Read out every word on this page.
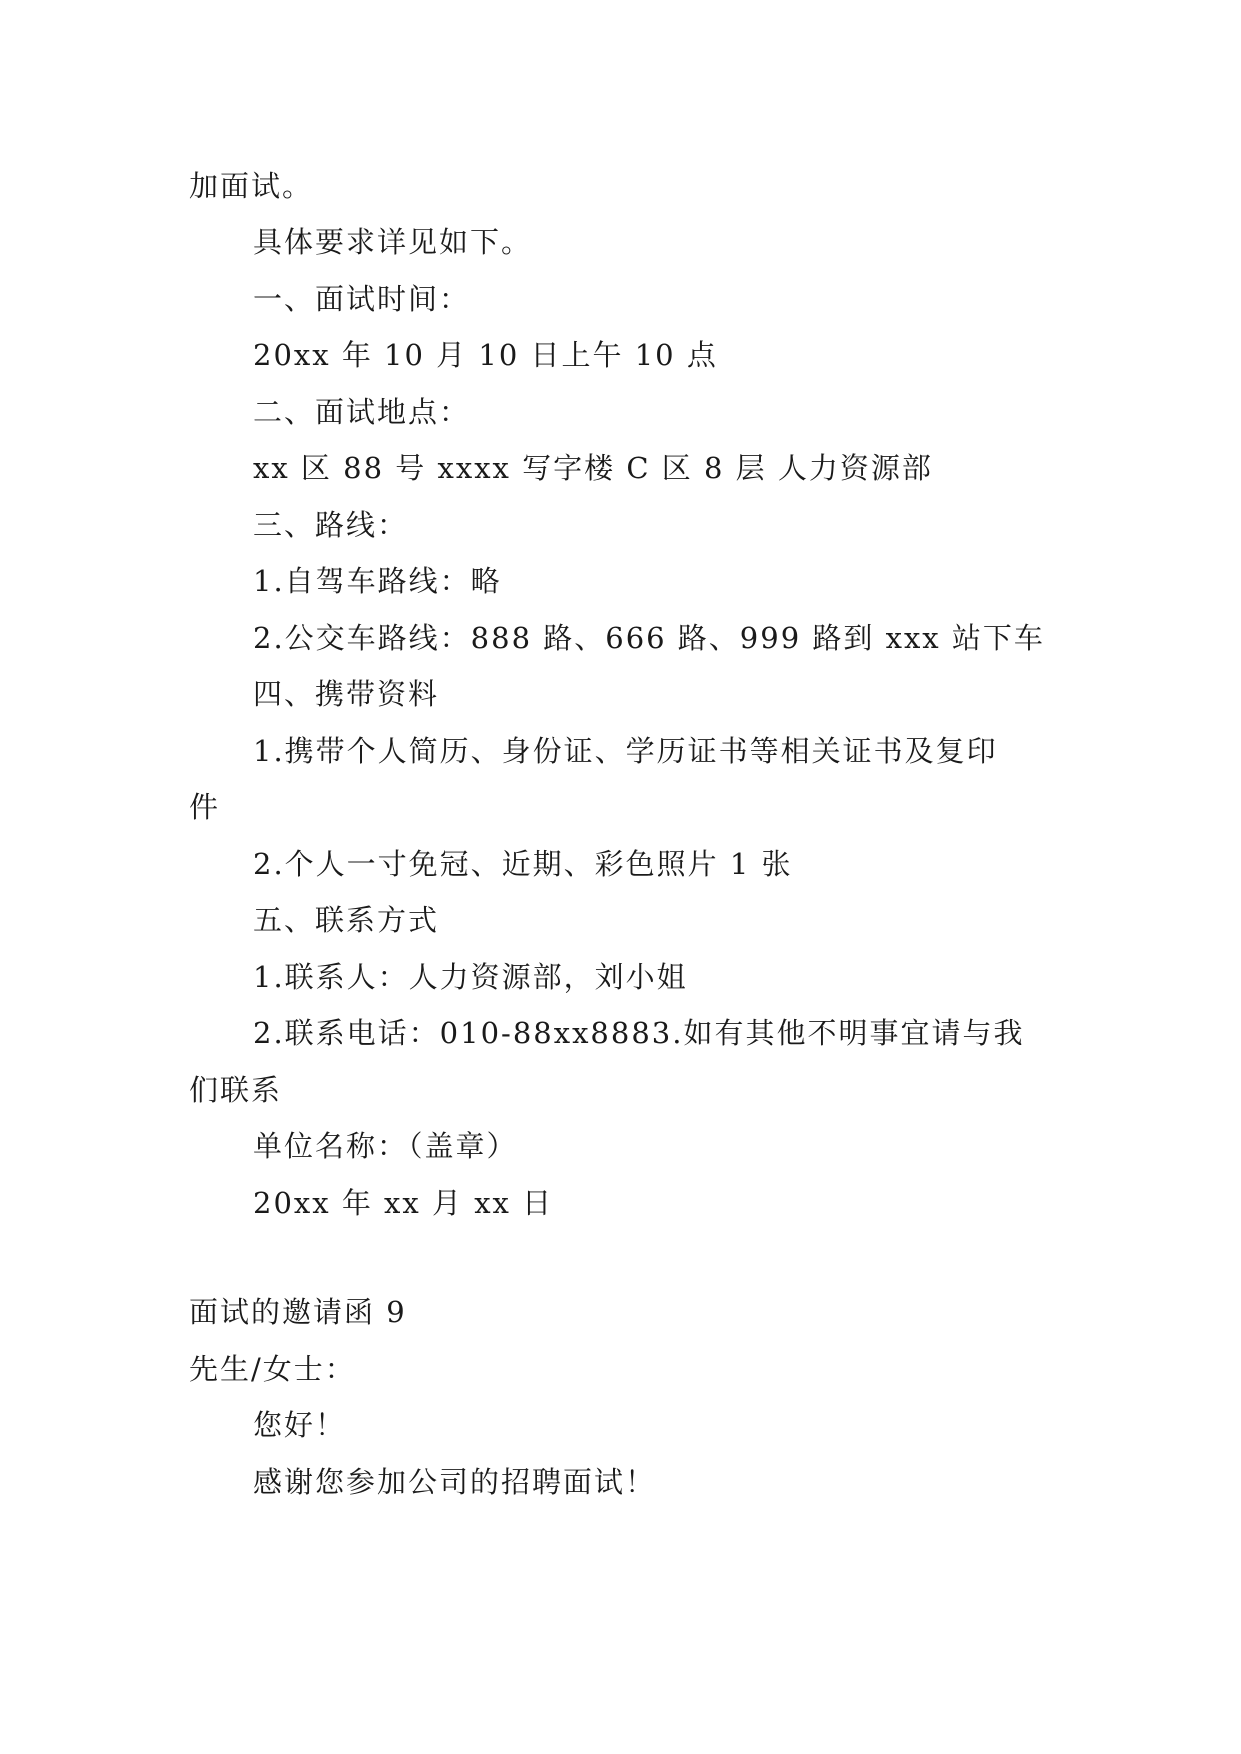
加面试。
具体要求详见如下。
一、面试时间：
20xx 年 10 月 10 日上午 10 点
二、面试地点：
xx 区 88 号 xxxx 写字楼 C 区 8 层 人力资源部
三、路线：
1.自驾车路线：略
2.公交车路线：888 路、666 路、999 路到 xxx 站下车
四、携带资料
1.携带个人简历、身份证、学历证书等相关证书及复印
件
2.个人一寸免冠、近期、彩色照片 1 张
五、联系方式
1.联系人：人力资源部，刘小姐
2.联系电话：010-88xx8883.如有其他不明事宜请与我
们联系
单位名称：（盖章）
20xx 年 xx 月 xx 日
面试的邀请函 9
先生/女士：
您好！
感谢您参加公司的招聘面试！
